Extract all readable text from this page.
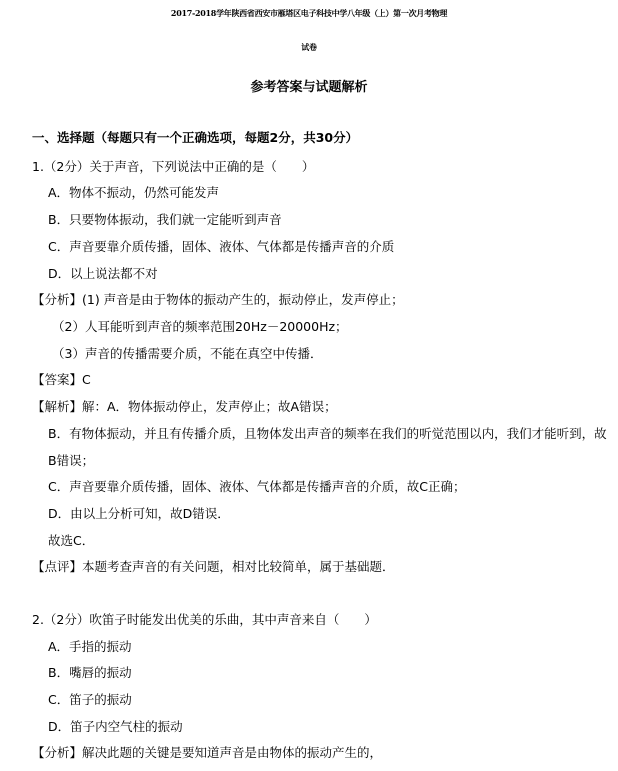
2017-2018学年陕西省西安市雁塔区电子科技中学八年级（上）第一次月考物理
试卷
参考答案与试题解析
一、选择题（每题只有一个正确选项，每题2分，共30分）
1.（2分）关于声音，下列说法中正确的是（　　）
A．物体不振动，仍然可能发声
B．只要物体振动，我们就一定能听到声音
C．声音要靠介质传播，固体、液体、气体都是传播声音的介质
D．以上说法都不对
【分析】(1) 声音是由于物体的振动产生的，振动停止，发声停止；
（2）人耳能听到声音的频率范围20Hz－20000Hz；
（3）声音的传播需要介质，不能在真空中传播．
【答案】C
【解析】解：A．物体振动停止，发声停止；故A错误；
B．有物体振动，并且有传播介质，且物体发出声音的频率在我们的听觉范围以内，我们才能听到，故
B错误；
C．声音要靠介质传播，固体、液体、气体都是传播声音的介质，故C正确；
D．由以上分析可知，故D错误．
故选C．
【点评】本题考查声音的有关问题，相对比较简单，属于基础题．
2.（2分）吹笛子时能发出优美的乐曲，其中声音来自（　　）
A．手指的振动
B．嘴唇的振动
C．笛子的振动
D．笛子内空气柱的振动
【分析】解决此题的关键是要知道声音是由物体的振动产生的，
